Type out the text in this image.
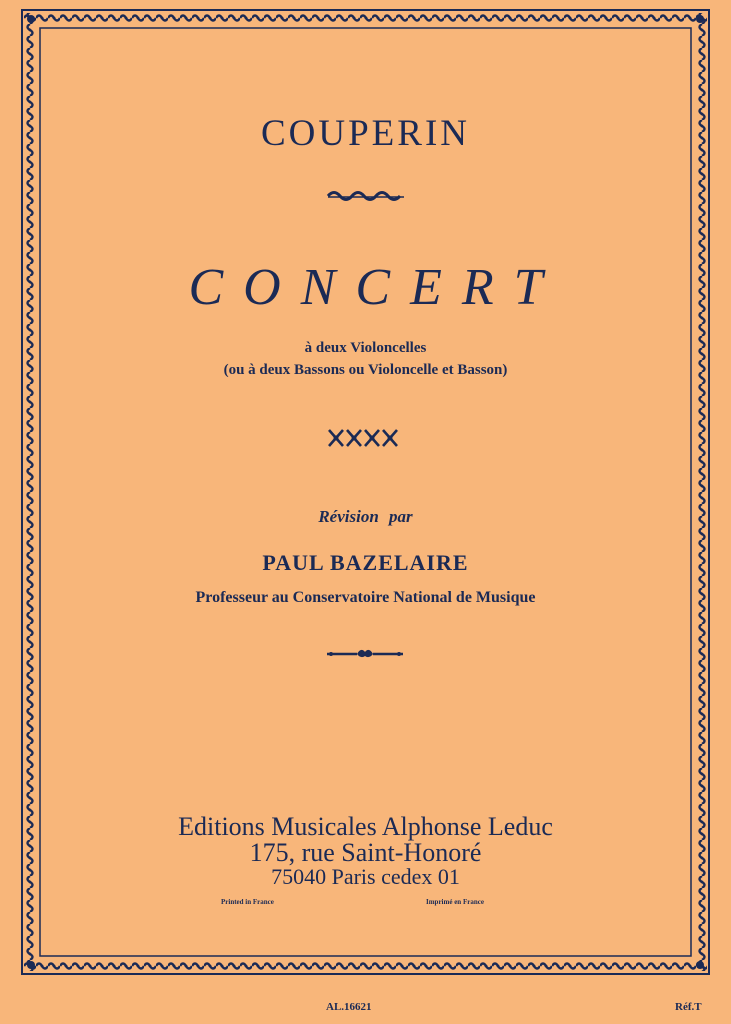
COUPERIN
CONCERT
à deux Violoncelles
(ou à deux Bassons ou Violoncelle et Basson)
Révision par
PAUL BAZELAIRE
Professeur au Conservatoire National de Musique
Editions Musicales Alphonse Leduc
175, rue Saint-Honoré
75040 Paris cedex 01
Printed in France	Imprimé en France
AL.16621	Réf.T
